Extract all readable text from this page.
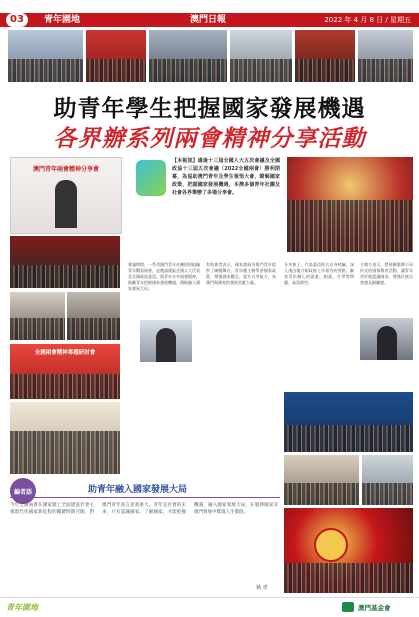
03	青年園地	澳門日報	2022 年 4 月 8 日 / 星期五
助青年學生把握國家發展機遇
各界辦系列兩會精神分享活動
澳門青年兩會精神分享會
全國兩會精神專題研討會
【本報訊】適逢十三屆全國人大五次會議及全國政協十三屆五次會議（2022全國兩會）勝利閉幕，為協助澳門青年及學生領悟大會、瞭解國家政策、把握國家發展機遇，本澳多個青年社團及社會各界舉辦了多場分享會。
會議期間，一系列澳門青年社團紛紛組織青年觀看兩會，並邀請澳區全國人大代表及全國政協委員，與青年分享兩會精神，鼓勵青年把握國家發展機遇，積極融入國家發展大局。
有與會者表示，國家發展為澳門青年提供了廣闊舞台，青年應主動學習國家政策，增強國家觀念，提升自身能力，為澳門與國家的發展貢獻力量。
分享會上，代表委員結合自身經驗，深入淺出地介紹政府工作報告的要點，解答青年關心的就業、創業、升學等問題，氣氛熱烈。
主辦方表示，將持續舉辦不同形式的國情教育活動，讓青年更好地認識國家，增強民族自豪感及歸屬感。
編者語	助青年融入國家發展大局
今年全國兩會在國家踏上全面建設社會主義現代化國家新征程的關鍵時期召開，對澳門青年而言意義重大。青年是社會的未來，只有認識國家、了解國家，才能把握機遇、融入國家發展大局，在服務國家及澳門發展中實現人生價值。
執 青
青年園地	澳門基金會
